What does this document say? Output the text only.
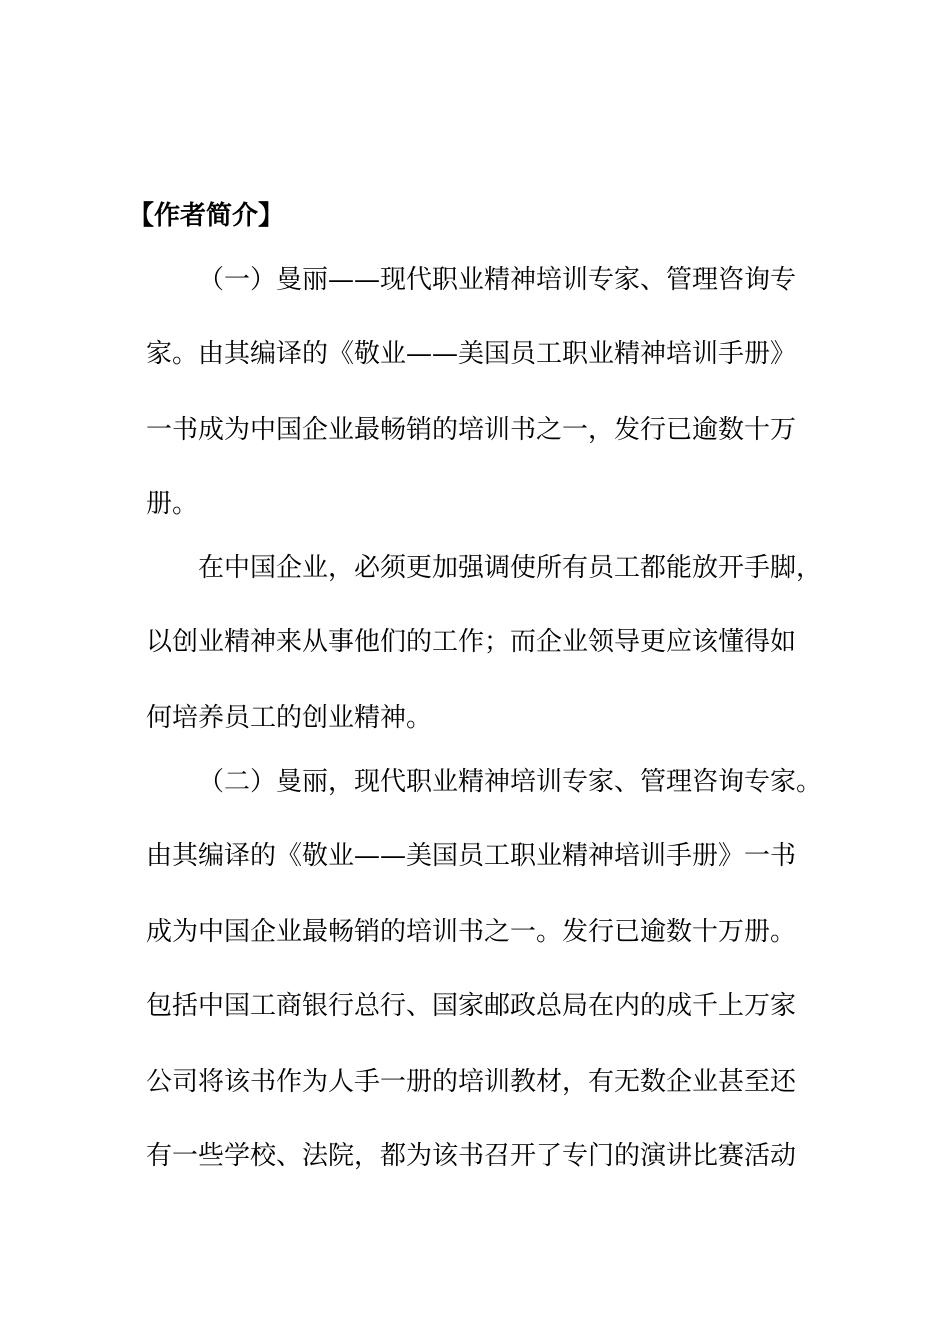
【作者简介】
（一）曼丽——现代职业精神培训专家、管理咨询专
家。由其编译的《敬业——美国员工职业精神培训手册》
一书成为中国企业最畅销的培训书之一，发行已逾数十万
册。
在中国企业，必须更加强调使所有员工都能放开手脚，
以创业精神来从事他们的工作；而企业领导更应该懂得如
何培养员工的创业精神。
（二）曼丽，现代职业精神培训专家、管理咨询专家。
由其编译的《敬业——美国员工职业精神培训手册》一书
成为中国企业最畅销的培训书之一。发行已逾数十万册。
包括中国工商银行总行、国家邮政总局在内的成千上万家
公司将该书作为人手一册的培训教材，有无数企业甚至还
有一些学校、法院，都为该书召开了专门的演讲比赛活动
